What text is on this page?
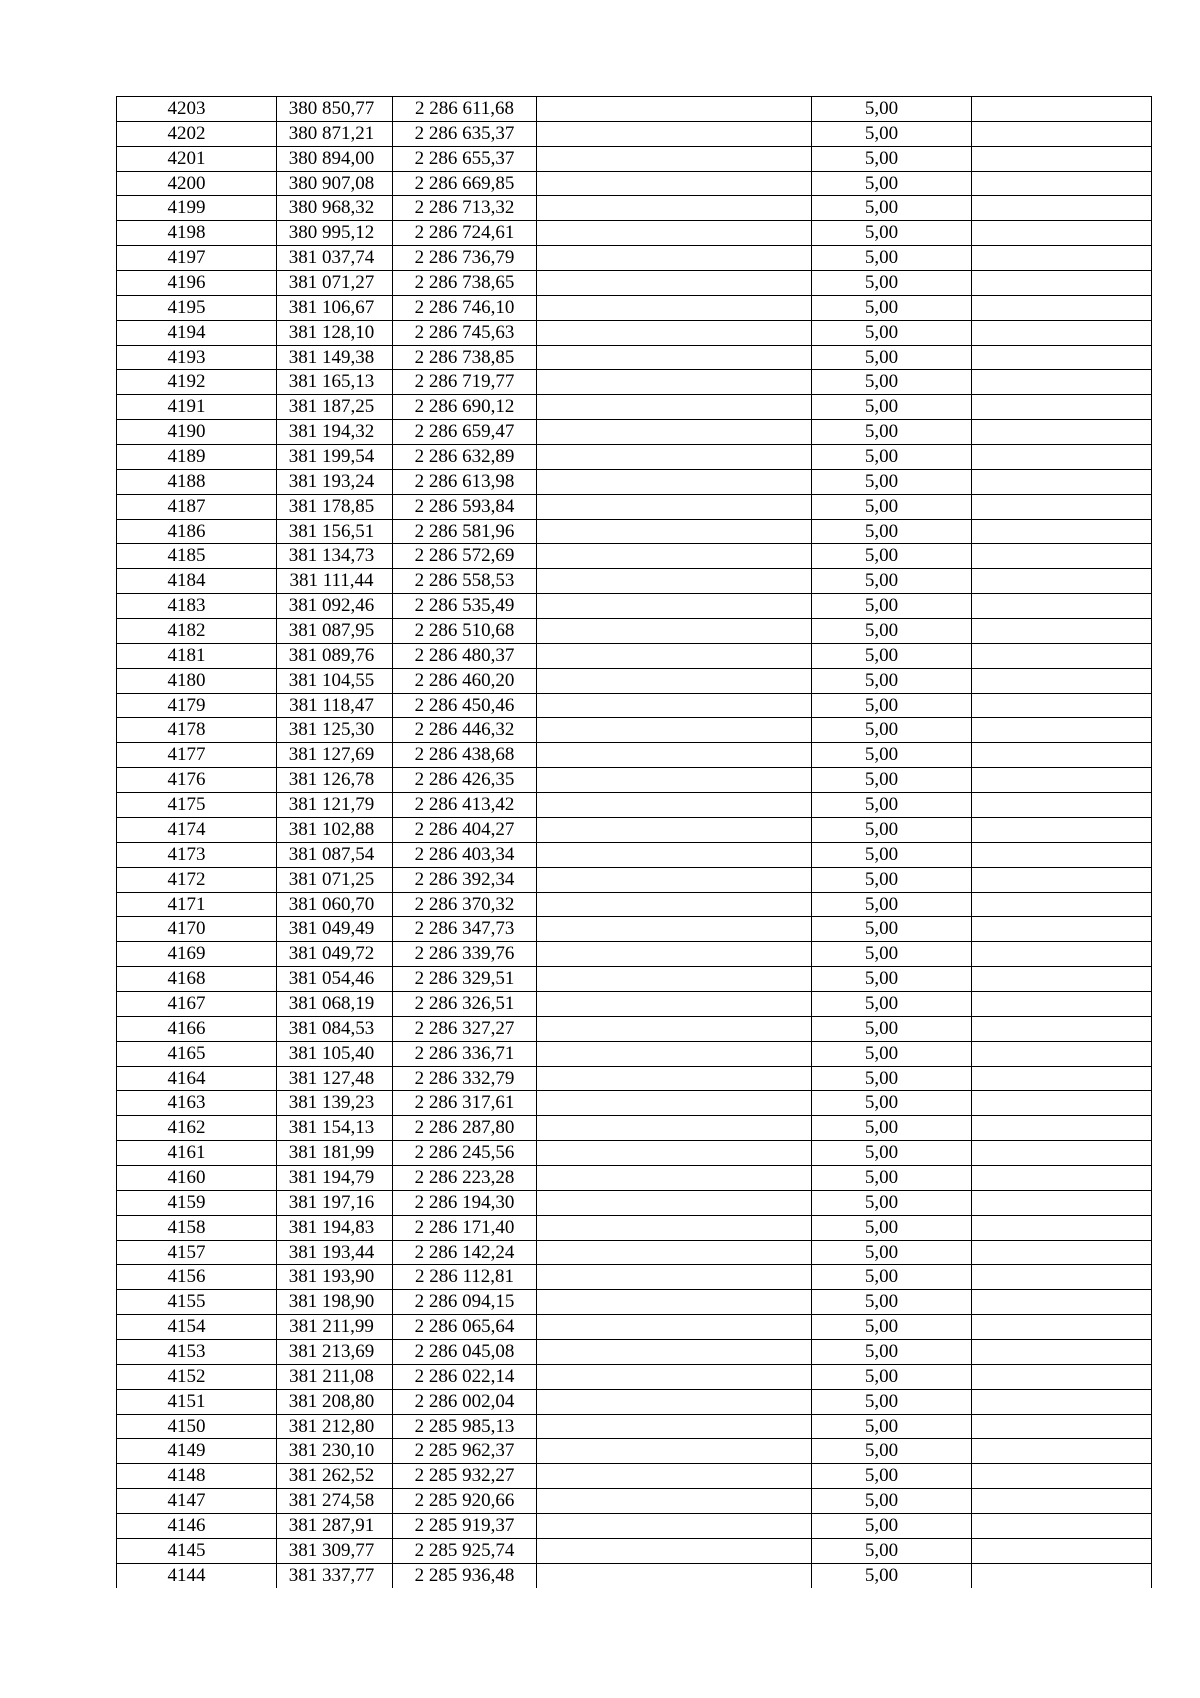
4203	380 850,77	2 286 611,68		5,00	
4202	380 871,21	2 286 635,37		5,00	
4201	380 894,00	2 286 655,37		5,00	
4200	380 907,08	2 286 669,85		5,00	
4199	380 968,32	2 286 713,32		5,00	
4198	380 995,12	2 286 724,61		5,00	
4197	381 037,74	2 286 736,79		5,00	
4196	381 071,27	2 286 738,65		5,00	
4195	381 106,67	2 286 746,10		5,00	
4194	381 128,10	2 286 745,63		5,00	
4193	381 149,38	2 286 738,85		5,00	
4192	381 165,13	2 286 719,77		5,00	
4191	381 187,25	2 286 690,12		5,00	
4190	381 194,32	2 286 659,47		5,00	
4189	381 199,54	2 286 632,89		5,00	
4188	381 193,24	2 286 613,98		5,00	
4187	381 178,85	2 286 593,84		5,00	
4186	381 156,51	2 286 581,96		5,00	
4185	381 134,73	2 286 572,69		5,00	
4184	381 111,44	2 286 558,53		5,00	
4183	381 092,46	2 286 535,49		5,00	
4182	381 087,95	2 286 510,68		5,00	
4181	381 089,76	2 286 480,37		5,00	
4180	381 104,55	2 286 460,20		5,00	
4179	381 118,47	2 286 450,46		5,00	
4178	381 125,30	2 286 446,32		5,00	
4177	381 127,69	2 286 438,68		5,00	
4176	381 126,78	2 286 426,35		5,00	
4175	381 121,79	2 286 413,42		5,00	
4174	381 102,88	2 286 404,27		5,00	
4173	381 087,54	2 286 403,34		5,00	
4172	381 071,25	2 286 392,34		5,00	
4171	381 060,70	2 286 370,32		5,00	
4170	381 049,49	2 286 347,73		5,00	
4169	381 049,72	2 286 339,76		5,00	
4168	381 054,46	2 286 329,51		5,00	
4167	381 068,19	2 286 326,51		5,00	
4166	381 084,53	2 286 327,27		5,00	
4165	381 105,40	2 286 336,71		5,00	
4164	381 127,48	2 286 332,79		5,00	
4163	381 139,23	2 286 317,61		5,00	
4162	381 154,13	2 286 287,80		5,00	
4161	381 181,99	2 286 245,56		5,00	
4160	381 194,79	2 286 223,28		5,00	
4159	381 197,16	2 286 194,30		5,00	
4158	381 194,83	2 286 171,40		5,00	
4157	381 193,44	2 286 142,24		5,00	
4156	381 193,90	2 286 112,81		5,00	
4155	381 198,90	2 286 094,15		5,00	
4154	381 211,99	2 286 065,64		5,00	
4153	381 213,69	2 286 045,08		5,00	
4152	381 211,08	2 286 022,14		5,00	
4151	381 208,80	2 286 002,04		5,00	
4150	381 212,80	2 285 985,13		5,00	
4149	381 230,10	2 285 962,37		5,00	
4148	381 262,52	2 285 932,27		5,00	
4147	381 274,58	2 285 920,66		5,00	
4146	381 287,91	2 285 919,37		5,00	
4145	381 309,77	2 285 925,74		5,00	
4144	381 337,77	2 285 936,48		5,00	
